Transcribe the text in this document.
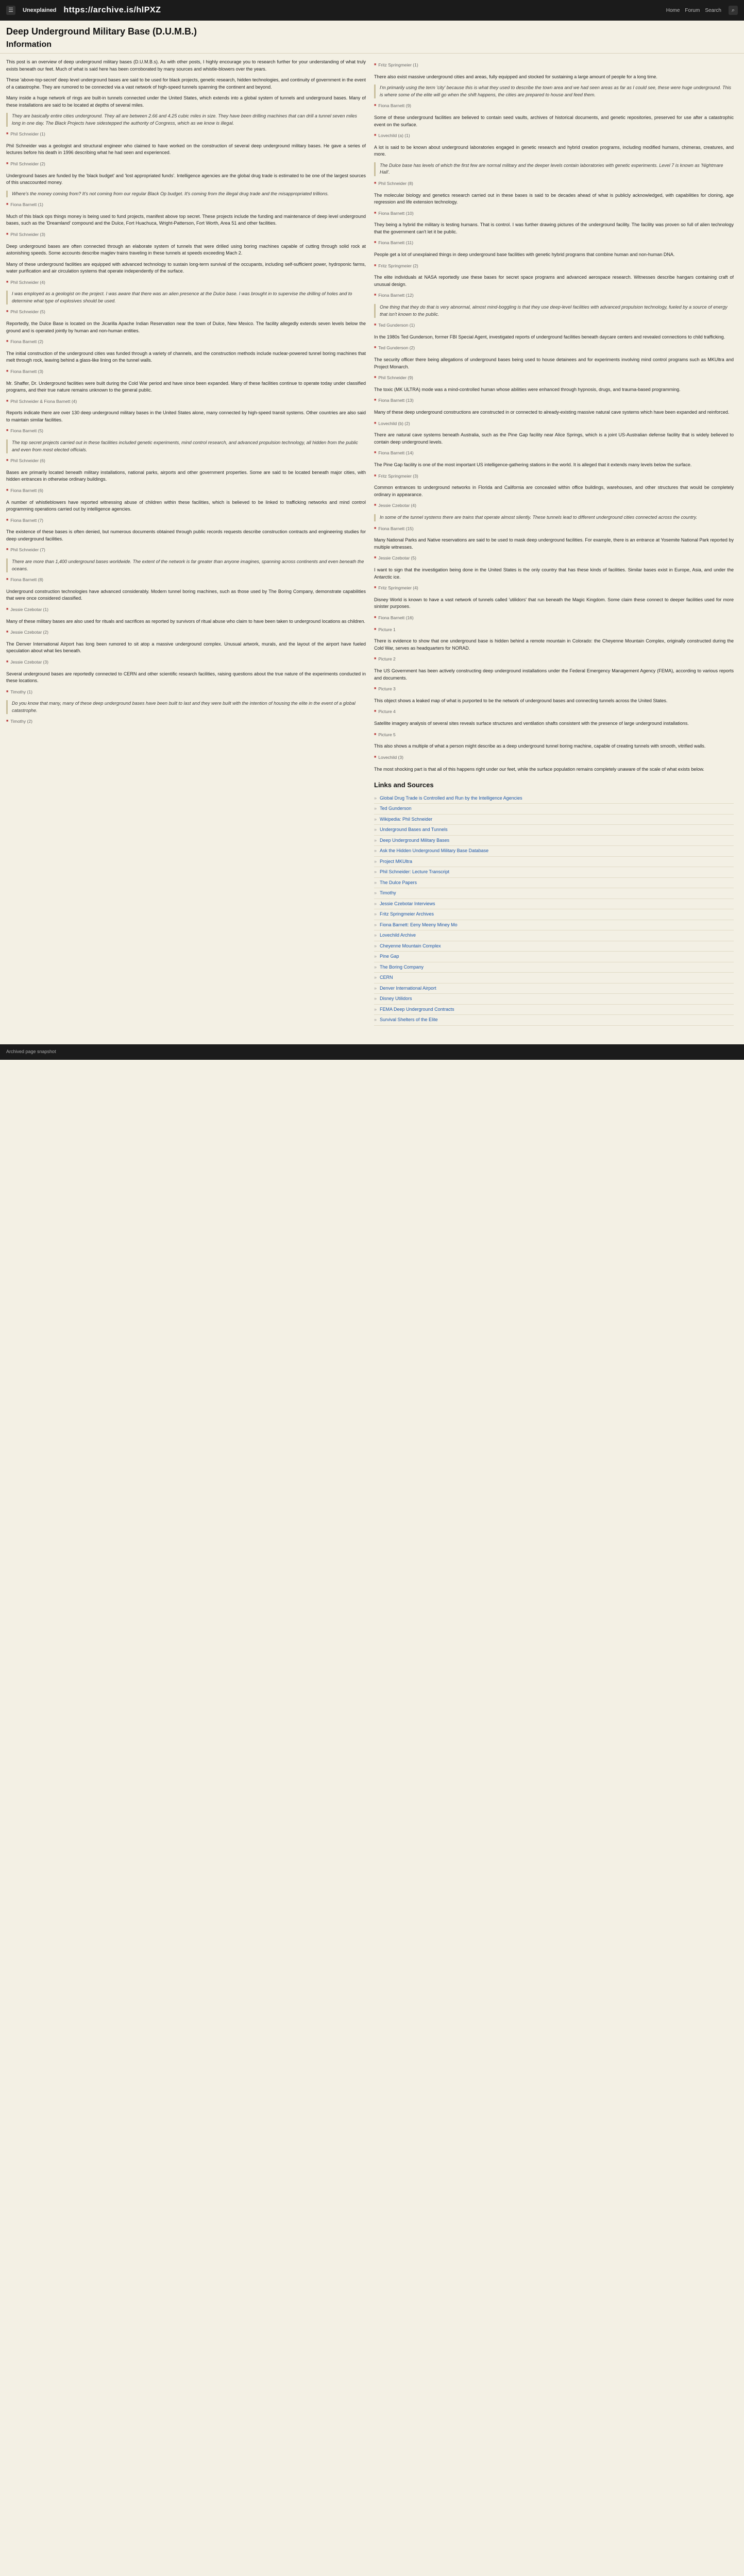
☰	Unexplained https://archive.is/hlPXZ	Home Forum Search	⌕
Deep Underground Military Base (D.U.M.B.)
Information

This post is an overview of deep underground military bases (D.U.M.B.s). As with other posts, I highly encourage you to research further for your understanding of what truly exists beneath our feet. Much of what is said here has been corroborated by many sources and whistle-blowers over the years.

These 'above-top-secret' deep level underground bases are said to be used for black projects, genetic research, hidden technologies, and continuity of government in the event of a catastrophe. They are rumored to be connected via a vast network of high-speed tunnels spanning the continent and beyond.

Many inside a huge network of rings are built-in tunnels connected under the United States, which extends into a global system of tunnels and underground bases. Many of these installations are said to be located at depths of several miles.

They are basically entire cities underground. They all are between 2.66 and 4.25 cubic miles in size. They have been drilling machines that can drill a tunnel seven miles long in one day. The Black Projects have sidestepped the authority of Congress, which as we know is illegal.
■ Phil Schneider (1)

Phil Schneider was a geologist and structural engineer who claimed to have worked on the construction of several deep underground military bases. He gave a series of lectures before his death in 1996 describing what he had seen and experienced.

■ Phil Schneider (2)

Underground bases are funded by the 'black budget' and 'lost appropriated funds'. Intelligence agencies are the global drug trade is estimated to be one of the largest sources of this unaccounted money.

Where's the money coming from? It's not coming from our regular Black Op budget. It's coming from the illegal drug trade and the misappropriated trillions.
■ Fiona Barnett (1)

Much of this black ops things money is being used to fund projects, manifest above top secret. These projects include the funding and maintenance of deep level underground bases, such as the 'Dreamland' compound and the Dulce, Fort Huachuca, Wright-Patterson, Fort Worth, Area 51 and other facilities.

■ Phil Schneider (3)

Deep underground bases are often connected through an elaborate system of tunnels that were drilled using boring machines capable of cutting through solid rock at astonishing speeds. Some accounts describe maglev trains traveling in these tunnels at speeds exceeding Mach 2.

Many of these underground facilities are equipped with advanced technology to sustain long-term survival of the occupants, including self-sufficient power, hydroponic farms, water purification and air circulation systems that operate independently of the surface.

■ Phil Schneider (4)
I was employed as a geologist on the project. I was aware that there was an alien presence at the Dulce base. I was brought in to supervise the drilling of holes and to determine what type of explosives should be used.
■ Phil Schneider (5)

Reportedly, the Dulce Base is located on the Jicarilla Apache Indian Reservation near the town of Dulce, New Mexico. The facility allegedly extends seven levels below the ground and is operated jointly by human and non-human entities.

■ Fiona Barnett (2)

The initial construction of the underground cities was funded through a variety of channels, and the construction methods include nuclear-powered tunnel boring machines that melt through rock, leaving behind a glass-like lining on the tunnel walls.

■ Fiona Barnett (3)

Mr. Shaffer, Dr. Underground facilities were built during the Cold War period and have since been expanded. Many of these facilities continue to operate today under classified programs, and their true nature remains unknown to the general public.

■ Phil Schneider & Fiona Barnett (4)

Reports indicate there are over 130 deep underground military bases in the United States alone, many connected by high-speed transit systems. Other countries are also said to maintain similar facilities.

■ Fiona Barnett (5)
The top secret projects carried out in these facilities included genetic experiments, mind control research, and advanced propulsion technology, all hidden from the public and even from most elected officials.
■ Phil Schneider (6)

Bases are primarily located beneath military installations, national parks, airports and other government properties. Some are said to be located beneath major cities, with hidden entrances in otherwise ordinary buildings.

■ Fiona Barnett (6)

A number of whistleblowers have reported witnessing abuse of children within these facilities, which is believed to be linked to trafficking networks and mind control programming operations carried out by intelligence agencies.

■ Fiona Barnett (7)

The existence of these bases is often denied, but numerous documents obtained through public records requests describe construction contracts and engineering studies for deep underground facilities.

■ Phil Schneider (7)
There are more than 1,400 underground bases worldwide. The extent of the network is far greater than anyone imagines, spanning across continents and even beneath the oceans.
■ Fiona Barnett (8)

Underground construction technologies have advanced considerably. Modern tunnel boring machines, such as those used by The Boring Company, demonstrate capabilities that were once considered classified.

■ Jessie Czebotar (1)

Many of these military bases are also used for rituals and sacrifices as reported by survivors of ritual abuse who claim to have been taken to underground locations as children.

■ Jessie Czebotar (2)

The Denver International Airport has long been rumored to sit atop a massive underground complex. Unusual artwork, murals, and the layout of the airport have fueled speculation about what lies beneath.

■ Jessie Czebotar (3)

Several underground bases are reportedly connected to CERN and other scientific research facilities, raising questions about the true nature of the experiments conducted in these locations.

■ Timothy (1)
Do you know that many, many of these deep underground bases have been built to last and they were built with the intention of housing the elite in the event of a global catastrophe.
■ Timothy (2)
■ Fritz Springmeier (1)

There also exist massive underground cities and areas, fully equipped and stocked for sustaining a large amount of people for a long time.

I'm primarily using the term 'city' because this is what they used to describe the town area and we had seen areas as far as I could see, these were huge underground. This is where some of the elite will go when the shift happens, the cities are prepared to house and feed them.
■ Fiona Barnett (9)

Some of these underground facilities are believed to contain seed vaults, archives of historical documents, and genetic repositories, preserved for use after a catastrophic event on the surface.

■ Lovechild (a) (1)

A lot is said to be known about underground laboratories engaged in genetic research and hybrid creation programs, including modified humans, chimeras, creatures, and more.

The Dulce base has levels of which the first few are normal military and the deeper levels contain laboratories with genetic experiments. Level 7 is known as 'Nightmare Hall'.
■ Phil Schneider (8)

The molecular biology and genetics research carried out in these bases is said to be decades ahead of what is publicly acknowledged, with capabilities for cloning, age regression and life extension technology.

■ Fiona Barnett (10)

They being a hybrid the military is testing humans. That is control. I was further drawing pictures of the underground facility. The facility was proven so full of alien technology that the government can't let it be public.

■ Fiona Barnett (11)

People get a lot of unexplained things in deep underground base facilities with genetic hybrid programs that combine human and non-human DNA.

■ Fritz Springmeier (2)

The elite individuals at NASA reportedly use these bases for secret space programs and advanced aerospace research. Witnesses describe hangars containing craft of unusual design.

■ Fiona Barnett (12)
One thing that they do that is very abnormal, almost mind-boggling is that they use deep-level facilities with advanced propulsion technology, fueled by a source of energy that isn't known to the public.
■ Ted Gunderson (1)

In the 1980s Ted Gunderson, former FBI Special Agent, investigated reports of underground facilities beneath daycare centers and revealed connections to child trafficking.

■ Ted Gunderson (2)

The security officer there being allegations of underground bases being used to house detainees and for experiments involving mind control programs such as MKUltra and Project Monarch.

■ Phil Schneider (9)

The toxic (MK ULTRA) mode was a mind-controlled human whose abilities were enhanced through hypnosis, drugs, and trauma-based programming.

■ Fiona Barnett (13)

Many of these deep underground constructions are constructed in or connected to already-existing massive natural cave systems which have been expanded and reinforced.

■ Lovechild (b) (2)

There are natural cave systems beneath Australia, such as the Pine Gap facility near Alice Springs, which is a joint US-Australian defense facility that is widely believed to contain deep underground levels.

■ Fiona Barnett (14)

The Pine Gap facility is one of the most important US intelligence-gathering stations in the world. It is alleged that it extends many levels below the surface.

■ Fritz Springmeier (3)

Common entrances to underground networks in Florida and California are concealed within office buildings, warehouses, and other structures that would be completely ordinary in appearance.

■ Jessie Czebotar (4)
In some of the tunnel systems there are trains that operate almost silently. These tunnels lead to different underground cities connected across the country.
■ Fiona Barnett (15)

Many National Parks and Native reservations are said to be used to mask deep underground facilities. For example, there is an entrance at Yosemite National Park reported by multiple witnesses.

■ Jessie Czebotar (5)

I want to sign that the investigation being done in the United States is the only country that has these kinds of facilities. Similar bases exist in Europe, Asia, and under the Antarctic ice.

■ Fritz Springmeier (4)

Disney World is known to have a vast network of tunnels called 'utilidors' that run beneath the Magic Kingdom. Some claim these connect to deeper facilities used for more sinister purposes.

■ Fiona Barnett (16)
■ Picture 1

There is evidence to show that one underground base is hidden behind a remote mountain in Colorado: the Cheyenne Mountain Complex, originally constructed during the Cold War, serves as headquarters for NORAD.

■ Picture 2

The US Government has been actively constructing deep underground installations under the Federal Emergency Management Agency (FEMA), according to various reports and documents.

■ Picture 3

This object shows a leaked map of what is purported to be the network of underground bases and connecting tunnels across the United States.

■ Picture 4

Satellite imagery analysis of several sites reveals surface structures and ventilation shafts consistent with the presence of large underground installations.

■ Picture 5

This also shows a multiple of what a person might describe as a deep underground tunnel boring machine, capable of creating tunnels with smooth, vitrified walls.

■ Lovechild (3)

The most shocking part is that all of this happens right under our feet, while the surface population remains completely unaware of the scale of what exists below.

Links and Sources
» Global Drug Trade is Controlled and Run by the Intelligence Agencies
» Ted Gunderson
» Wikipedia: Phil Schneider
» Underground Bases and Tunnels
» Deep Underground Military Bases
» Ask the Hidden Underground Military Base Database
» Project MKUltra
» Phil Schneider: Lecture Transcript
» The Dulce Papers
» Timothy
» Jessie Czebotar Interviews
» Fritz Springmeier Archives
» Fiona Barnett: Eeny Meeny Miney Mo
» Lovechild Archive
» Cheyenne Mountain Complex
» Pine Gap
» The Boring Company
» CERN
» Denver International Airport
» Disney Utilidors
» FEMA Deep Underground Contracts
» Survival Shelters of the Elite
Archived page snapshot
